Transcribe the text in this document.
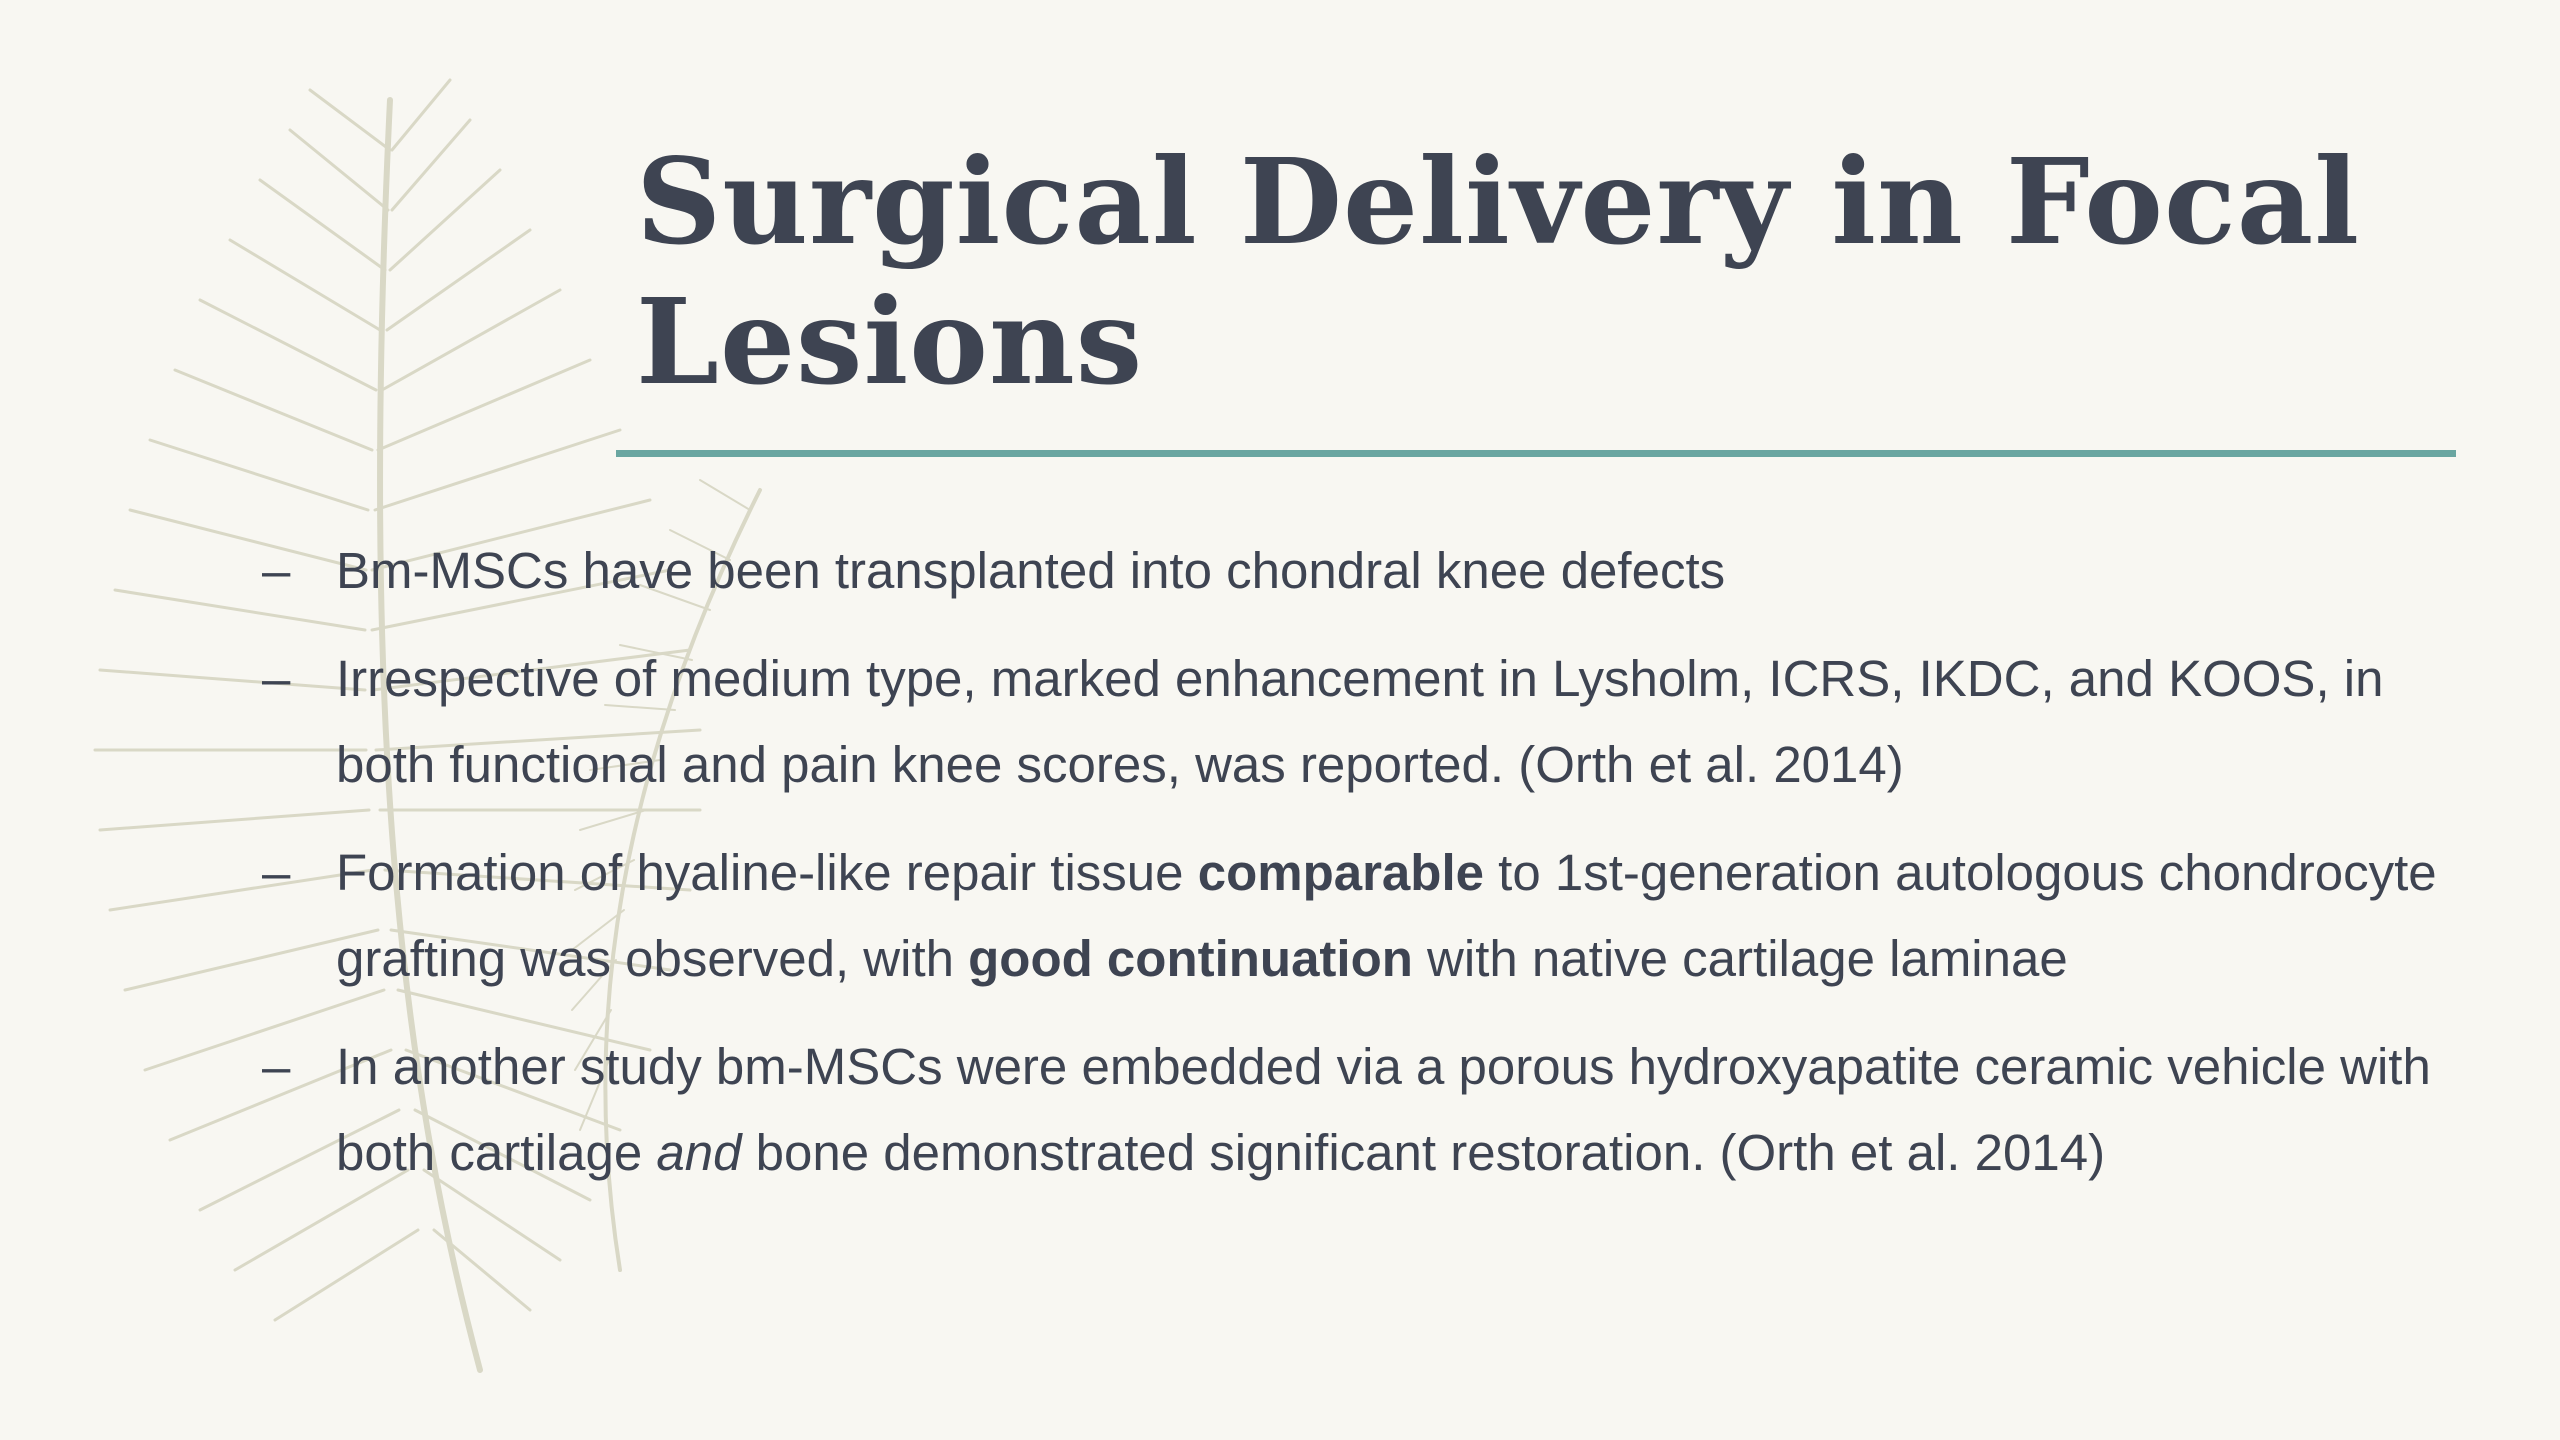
Surgical Delivery in Focal
Lesions
– Bm-MSCs have been transplanted into chondral knee defects
– Irrespective of medium type, marked enhancement in Lysholm, ICRS, IKDC, and KOOS, in both functional and pain knee scores, was reported. (Orth et al. 2014)
– Formation of hyaline-like repair tissue comparable to 1st-generation autologous chondrocyte grafting was observed, with good continuation with native cartilage laminae
– In another study bm-MSCs were embedded via a porous hydroxyapatite ceramic vehicle with both cartilage and bone demonstrated significant restoration. (Orth et al. 2014)
